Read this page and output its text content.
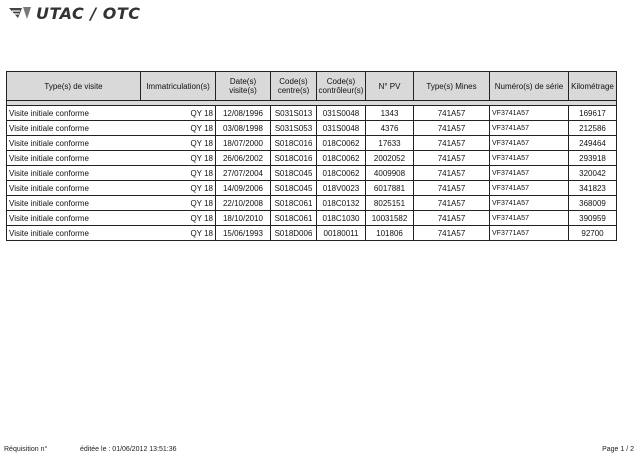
UTAC / OTC
Type(s) de visite	Immatriculation(s)	Date(s) visite(s)	Code(s) centre(s)	Code(s) contrôleur(s)	N° PV	Type(s) Mines	Numéro(s) de série	Kilométrage

Visite initiale conforme	QY 18	12/08/1996	S031S013	031S0048	1343	741A57	VF3741A57	169617
Visite initiale conforme	QY 18	03/08/1998	S031S053	031S0048	4376	741A57	VF3741A57	212586
Visite initiale conforme	QY 18	18/07/2000	S018C016	018C0062	17633	741A57	VF3741A57	249464
Visite initiale conforme	QY 18	26/06/2002	S018C016	018C0062	2002052	741A57	VF3741A57	293918
Visite initiale conforme	QY 18	27/07/2004	S018C045	018C0062	4009908	741A57	VF3741A57	320042
Visite initiale conforme	QY 18	14/09/2006	S018C045	018V0023	6017881	741A57	VF3741A57	341823
Visite initiale conforme	QY 18	22/10/2008	S018C061	018C0132	8025151	741A57	VF3741A57	368009
Visite initiale conforme	QY 18	18/10/2010	S018C061	018C1030	10031582	741A57	VF3741A57	390959
Visite initiale conforme	QY 18	15/06/1993	S018D006	00180011	101806	741A57	VF3771A57	92700
Réquisition n°	éditée le : 01/06/2012 13:51:36	Page 1 / 2
